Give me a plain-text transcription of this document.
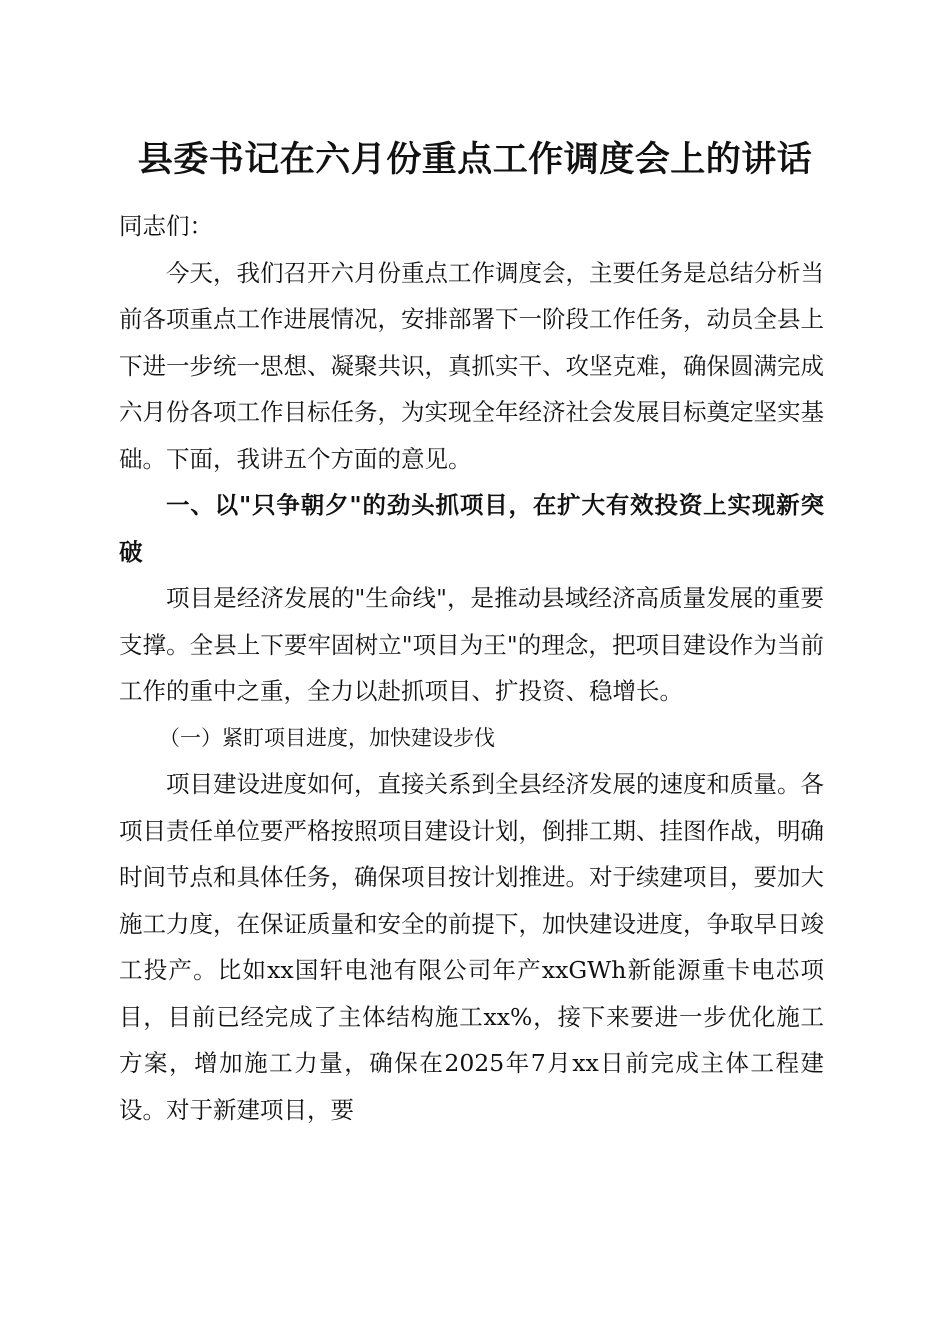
县委书记在六月份重点工作调度会上的讲话

同志们：

今天，我们召开六月份重点工作调度会，主要任务是总结分析当前各项重点工作进展情况，安排部署下一阶段工作任务，动员全县上下进一步统一思想、凝聚共识，真抓实干、攻坚克难，确保圆满完成六月份各项工作目标任务，为实现全年经济社会发展目标奠定坚实基础。下面，我讲五个方面的意见。

一、以"只争朝夕"的劲头抓项目，在扩大有效投资上实现新突破

项目是经济发展的"生命线"，是推动县域经济高质量发展的重要支撑。全县上下要牢固树立"项目为王"的理念，把项目建设作为当前工作的重中之重，全力以赴抓项目、扩投资、稳增长。

（一）紧盯项目进度，加快建设步伐

项目建设进度如何，直接关系到全县经济发展的速度和质量。各项目责任单位要严格按照项目建设计划，倒排工期、挂图作战，明确时间节点和具体任务，确保项目按计划推进。对于续建项目，要加大施工力度，在保证质量和安全的前提下，加快建设进度，争取早日竣工投产。比如xx国轩电池有限公司年产xxGWh新能源重卡电芯项目，目前已经完成了主体结构施工xx%，接下来要进一步优化施工方案，增加施工力量，确保在2025年7月xx日前完成主体工程建设。对于新建项目，要
